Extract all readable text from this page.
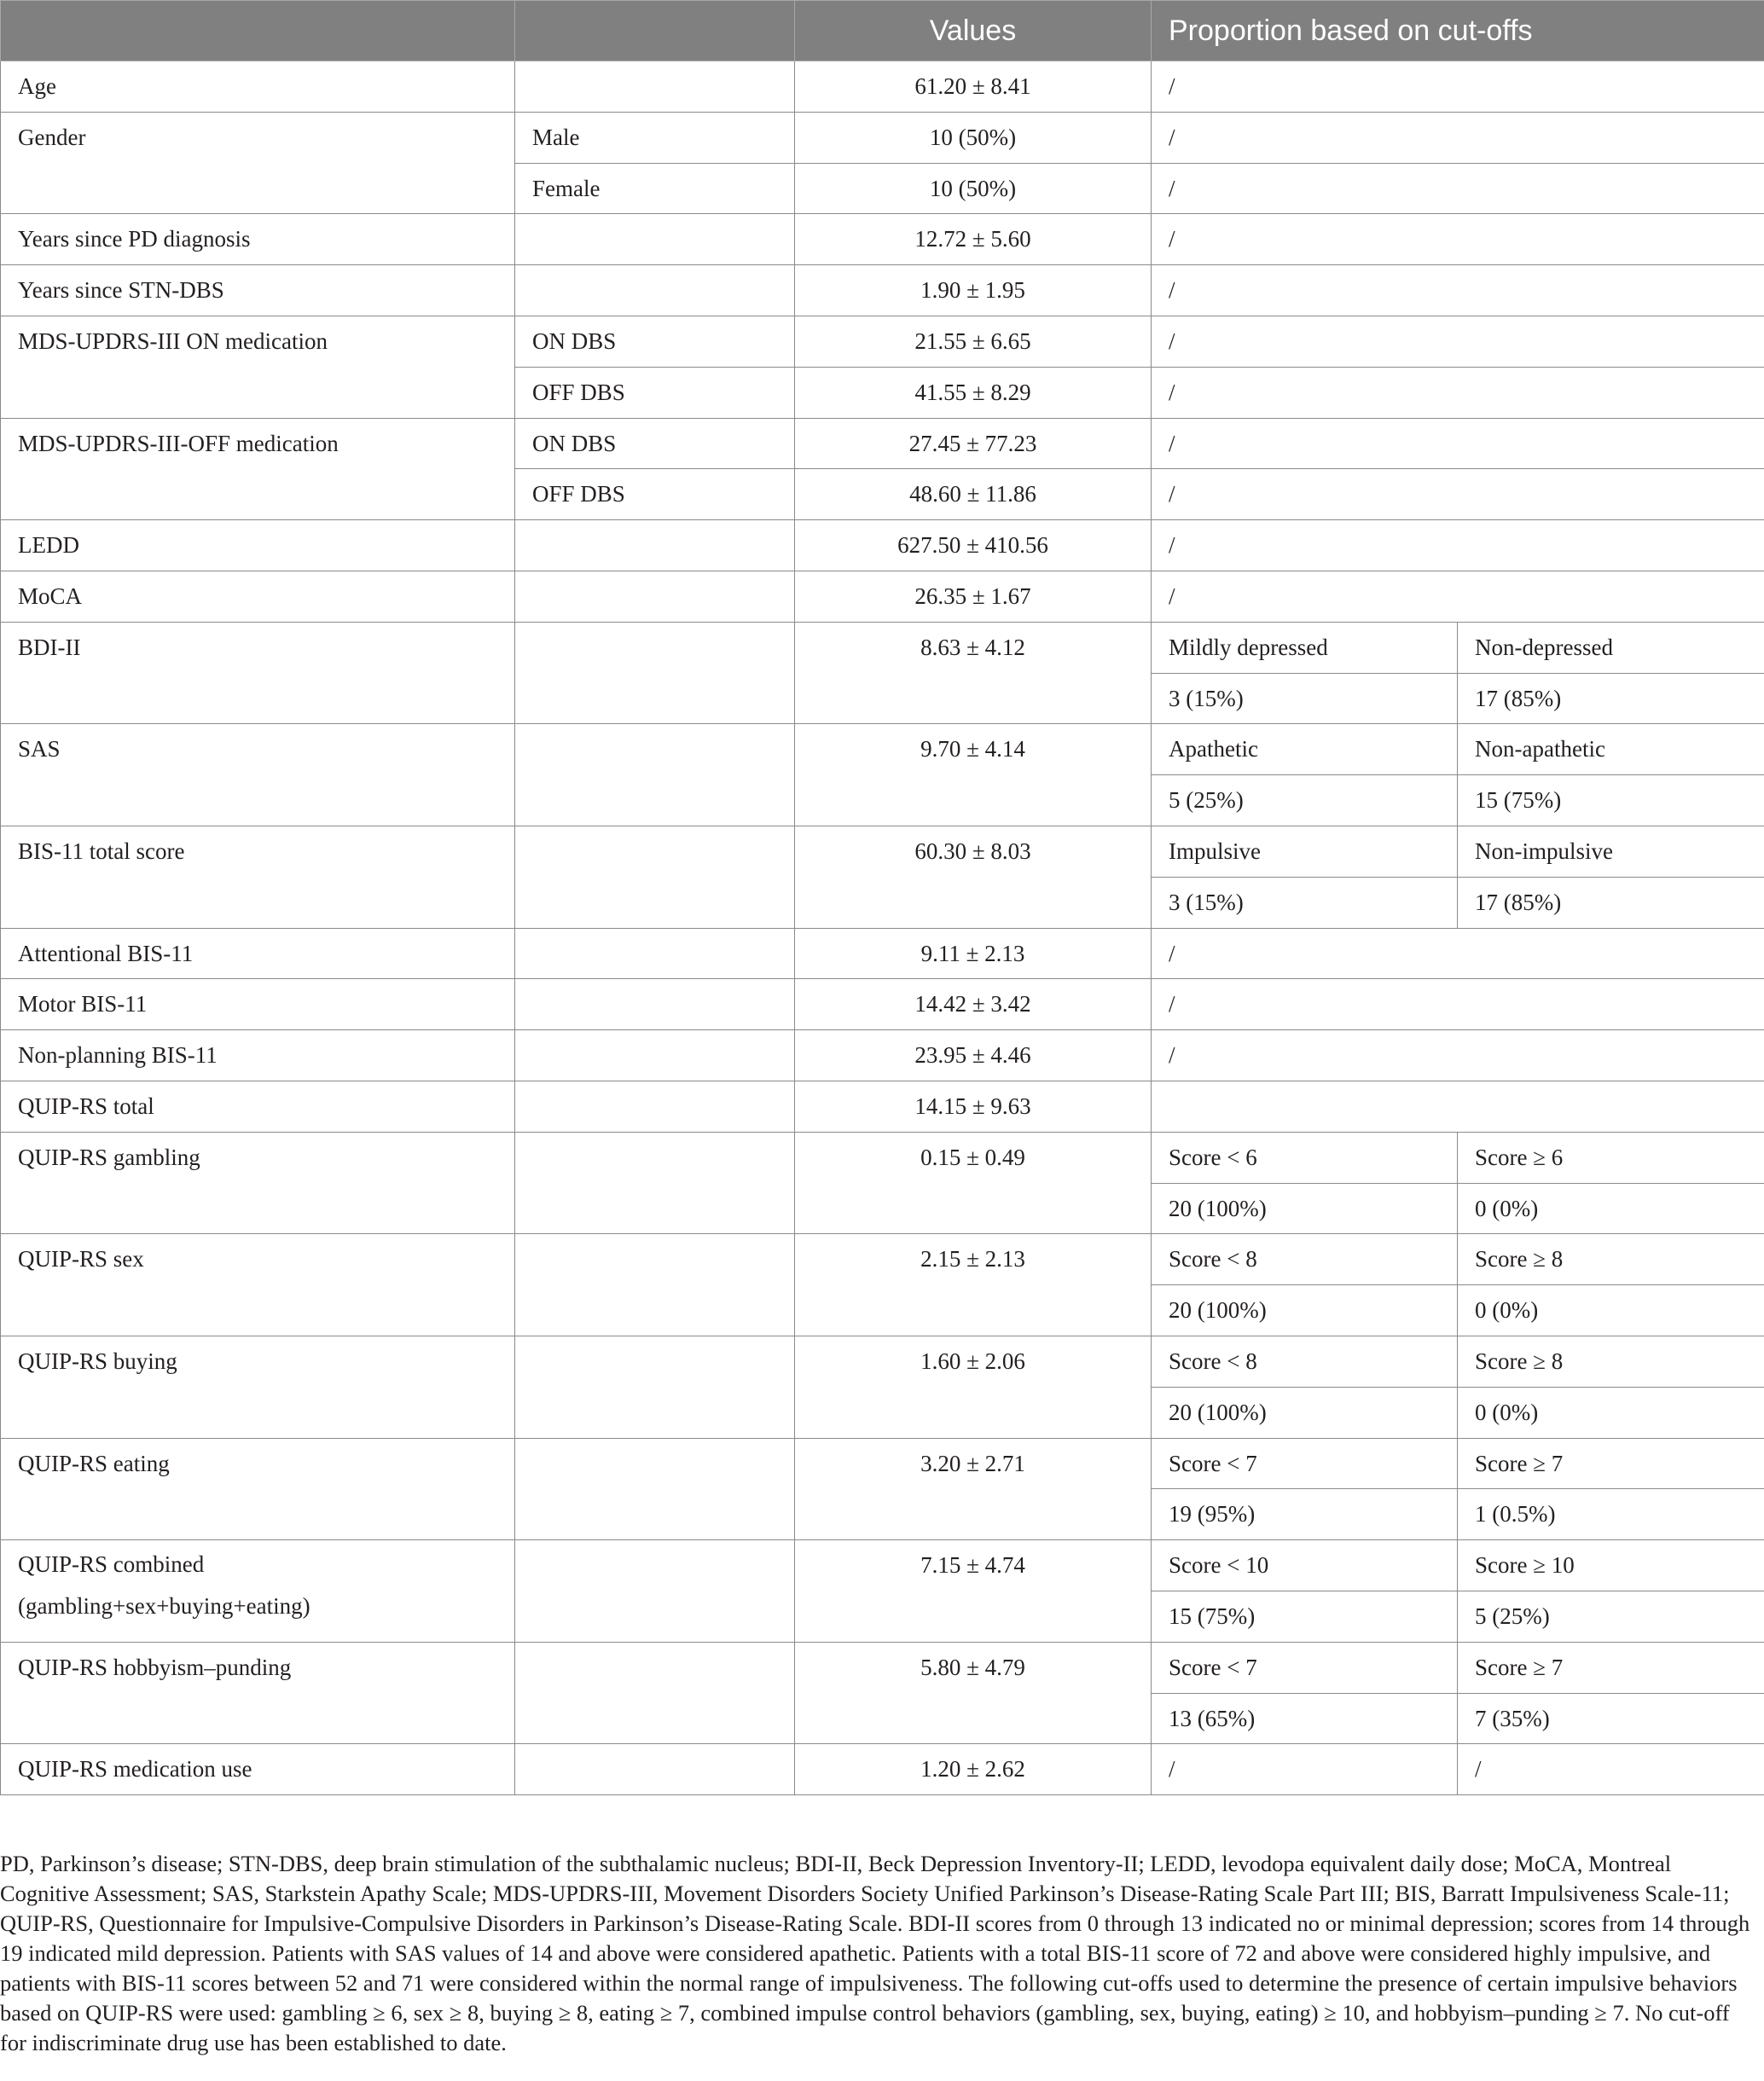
		Values	Proportion based on cut-offs	
Age		61.20 ± 8.41	/	
Gender	Male	10 (50%)	/	
	Female	10 (50%)	/	
Years since PD diagnosis		12.72 ± 5.60	/	
Years since STN-DBS		1.90 ± 1.95	/	
MDS-UPDRS-III ON medication	ON DBS	21.55 ± 6.65	/	
	OFF DBS	41.55 ± 8.29	/	
MDS-UPDRS-III-OFF medication	ON DBS	27.45 ± 77.23	/	
	OFF DBS	48.60 ± 11.86	/	
LEDD		627.50 ± 410.56	/	
MoCA		26.35 ± 1.67	/	
BDI-II		8.63 ± 4.12	Mildly depressed	Non-depressed
			3 (15%)	17 (85%)
SAS		9.70 ± 4.14	Apathetic	Non-apathetic
			5 (25%)	15 (75%)
BIS-11 total score		60.30 ± 8.03	Impulsive	Non-impulsive
			3 (15%)	17 (85%)
Attentional BIS-11		9.11 ± 2.13	/	
Motor BIS-11		14.42 ± 3.42	/	
Non-planning BIS-11		23.95 ± 4.46	/	
QUIP-RS total		14.15 ± 9.63		
QUIP-RS gambling		0.15 ± 0.49	Score < 6	Score ≥ 6
			20 (100%)	0 (0%)
QUIP-RS sex		2.15 ± 2.13	Score < 8	Score ≥ 8
			20 (100%)	0 (0%)
QUIP-RS buying		1.60 ± 2.06	Score < 8	Score ≥ 8
			20 (100%)	0 (0%)
QUIP-RS eating		3.20 ± 2.71	Score < 7	Score ≥ 7
			19 (95%)	1 (0.5%)
QUIP-RS combined
(gambling+sex+buying+eating)		7.15 ± 4.74	Score < 10	Score ≥ 10
			15 (75%)	5 (25%)
QUIP-RS hobbyism–punding		5.80 ± 4.79	Score < 7	Score ≥ 7
			13 (65%)	7 (35%)
QUIP-RS medication use		1.20 ± 2.62	/	/

PD, Parkinson’s disease; STN-DBS, deep brain stimulation of the subthalamic nucleus; BDI-II, Beck Depression Inventory-II; LEDD, levodopa equivalent daily dose; MoCA, Montreal Cognitive Assessment; SAS, Starkstein Apathy Scale; MDS-UPDRS-III, Movement Disorders Society Unified Parkinson’s Disease-Rating Scale Part III; BIS, Barratt Impulsiveness Scale-11; QUIP-RS, Questionnaire for Impulsive-Compulsive Disorders in Parkinson’s Disease-Rating Scale. BDI-II scores from 0 through 13 indicated no or minimal depression; scores from 14 through 19 indicated mild depression. Patients with SAS values of 14 and above were considered apathetic. Patients with a total BIS-11 score of 72 and above were considered highly impulsive, and patients with BIS-11 scores between 52 and 71 were considered within the normal range of impulsiveness. The following cut-offs used to determine the presence of certain impulsive behaviors based on QUIP-RS were used: gambling ≥ 6, sex ≥ 8, buying ≥ 8, eating ≥ 7, combined impulse control behaviors (gambling, sex, buying, eating) ≥ 10, and hobbyism–punding ≥ 7. No cut-off for indiscriminate drug use has been established to date.
